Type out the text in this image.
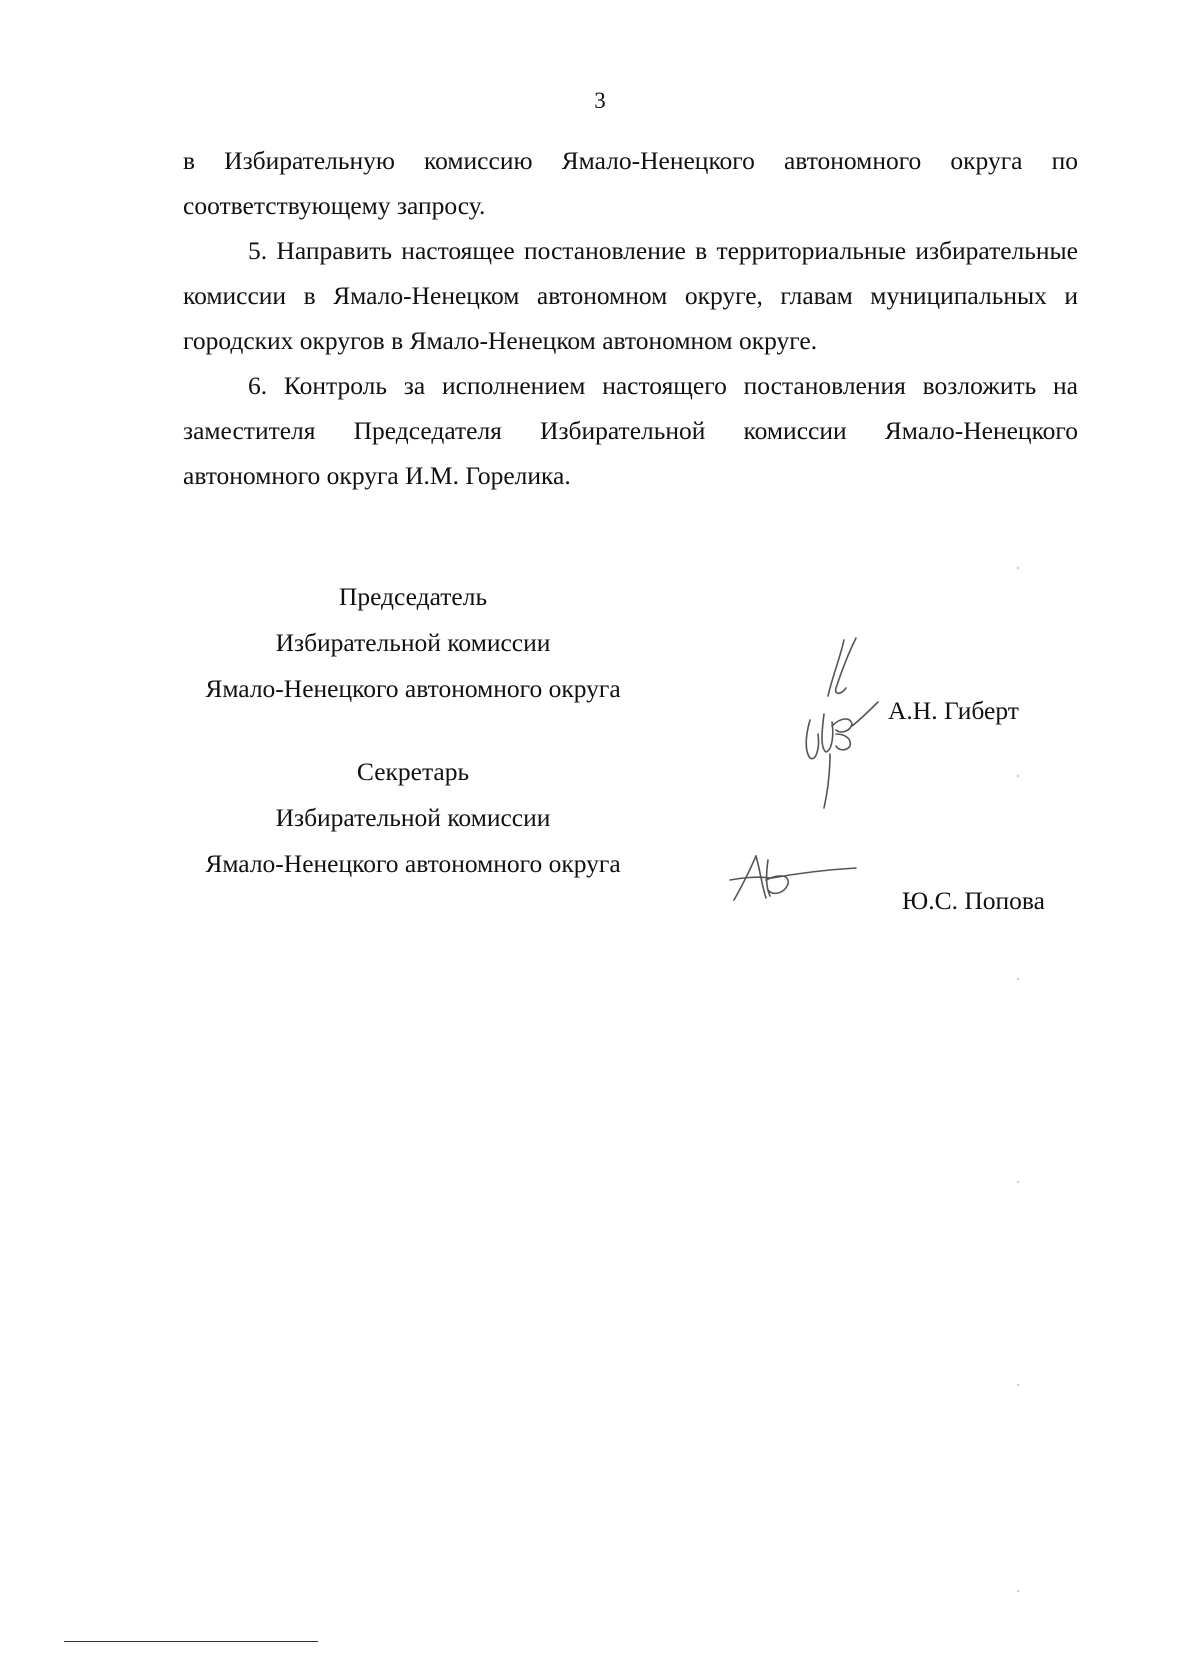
3

в Избирательную комиссию Ямало-Ненецкого автономного округа по соответствующему запросу.

5. Направить настоящее постановление в территориальные избирательные комиссии в Ямало-Ненецком автономном округе, главам муниципальных и городских округов в Ямало-Ненецком автономном округе.

6. Контроль за исполнением настоящего постановления возложить на заместителя Председателя Избирательной комиссии Ямало-Ненецкого автономного округа И.М. Горелика.

Председатель
Избирательной комиссии
Ямало-Ненецкого автономного округа
А.Н. Гиберт
Секретарь
Избирательной комиссии
Ямало-Ненецкого автономного округа
Ю.С. Попова
